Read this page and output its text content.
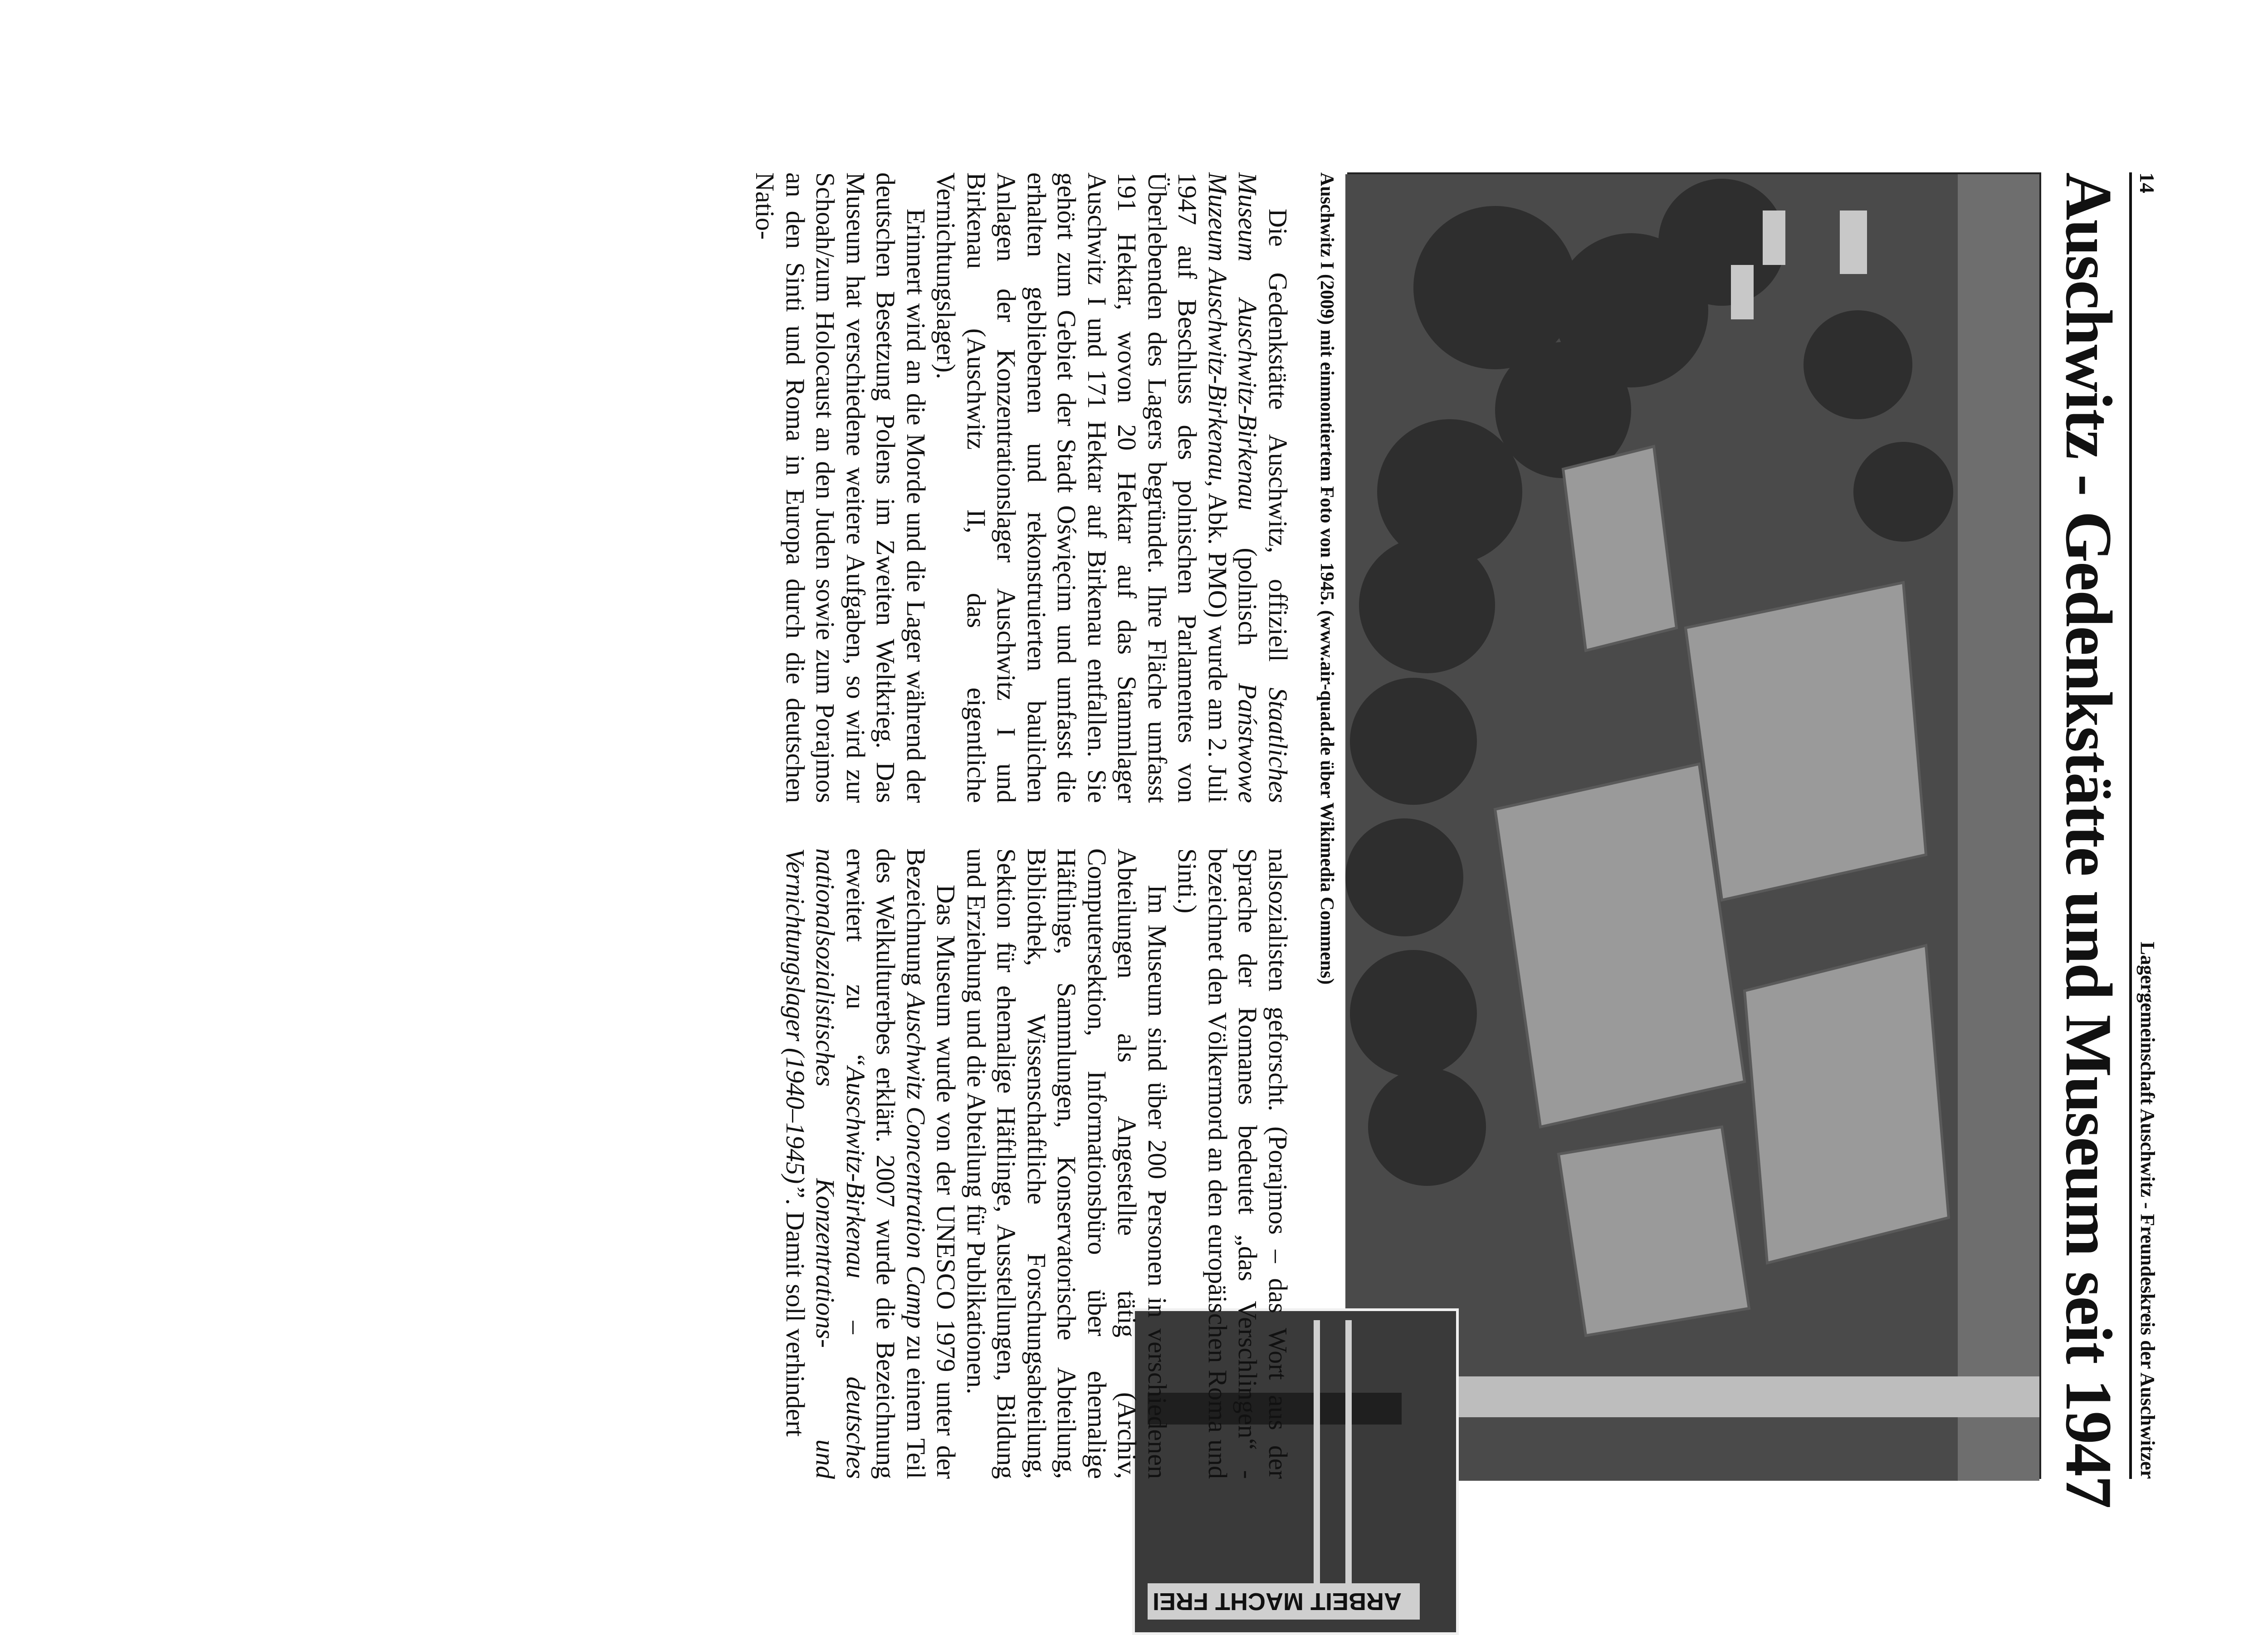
14
Lagergemeinschaft Auschwitz - Freundeskreis der Auschwitzer
Auschwitz - Gedenkstätte und Museum seit 1947
ARBEIT MACHT FREI
Auschwitz I (2009) mit einmontiertem Foto von 1945. (www.air-quad.de über Wikimedia Commens)

Die Gedenkstätte Auschwitz, offiziell Staatliches Museum Auschwitz-Birkenau (polnisch Państwowe Muzeum Auschwitz-Birkenau, Abk. PMO) wurde am 2. Juli 1947 auf Beschluss des polnischen Parlamentes von Überlebenden des Lagers begründet. Ihre Fläche umfasst 191 Hektar, wovon 20 Hektar auf das Stammlager Auschwitz I und 171 Hektar auf Birkenau entfallen. Sie gehört zum Gebiet der Stadt Oświęcim und umfasst die erhalten gebliebenen und rekonstruierten baulichen Anlagen der Konzentrationslager Auschwitz I und Birkenau (Auschwitz II, das eigentliche Vernichtungslager).

Erinnert wird an die Morde und die Lager während der deutschen Besetzung Polens im Zweiten Weltkrieg. Das Museum hat verschiedene weitere Aufgaben, so wird zur Schoah/zum Holocaust an den Juden sowie zum Porajmos an den Sinti und Roma in Europa durch die deutschen Natio-

nalsozialisten geforscht. (Porajmos – das Wort aus der Sprache der Romanes bedeutet „das Verschlingen“ - bezeichnet den Völkermord an den europäischen Roma und Sinti.)

Im Museum sind über 200 Personen in verschiedenen Abteilungen als Angestellte tätig (Archiv, Computersektion, Informationsbüro über ehemalige Häftlinge, Sammlungen, Konservatorische Abteilung, Bibliothek, Wissenschaftliche Forschungsabteilung, Sektion für ehemalige Häftlinge, Ausstellungen, Bildung und Erziehung und die Abteilung für Publikationen.

Das Museum wurde von der UNESCO 1979 unter der Bezeichnung Auschwitz Concentration Camp zu einem Teil des Welkulturerbes erklärt. 2007 wurde die Bezeichnung erweitert zu “Auschwitz-Birkenau – deutsches nationalsozialistisches Konzentrations- und Vernichtungslager (1940–1945)”. Damit soll verhindert
